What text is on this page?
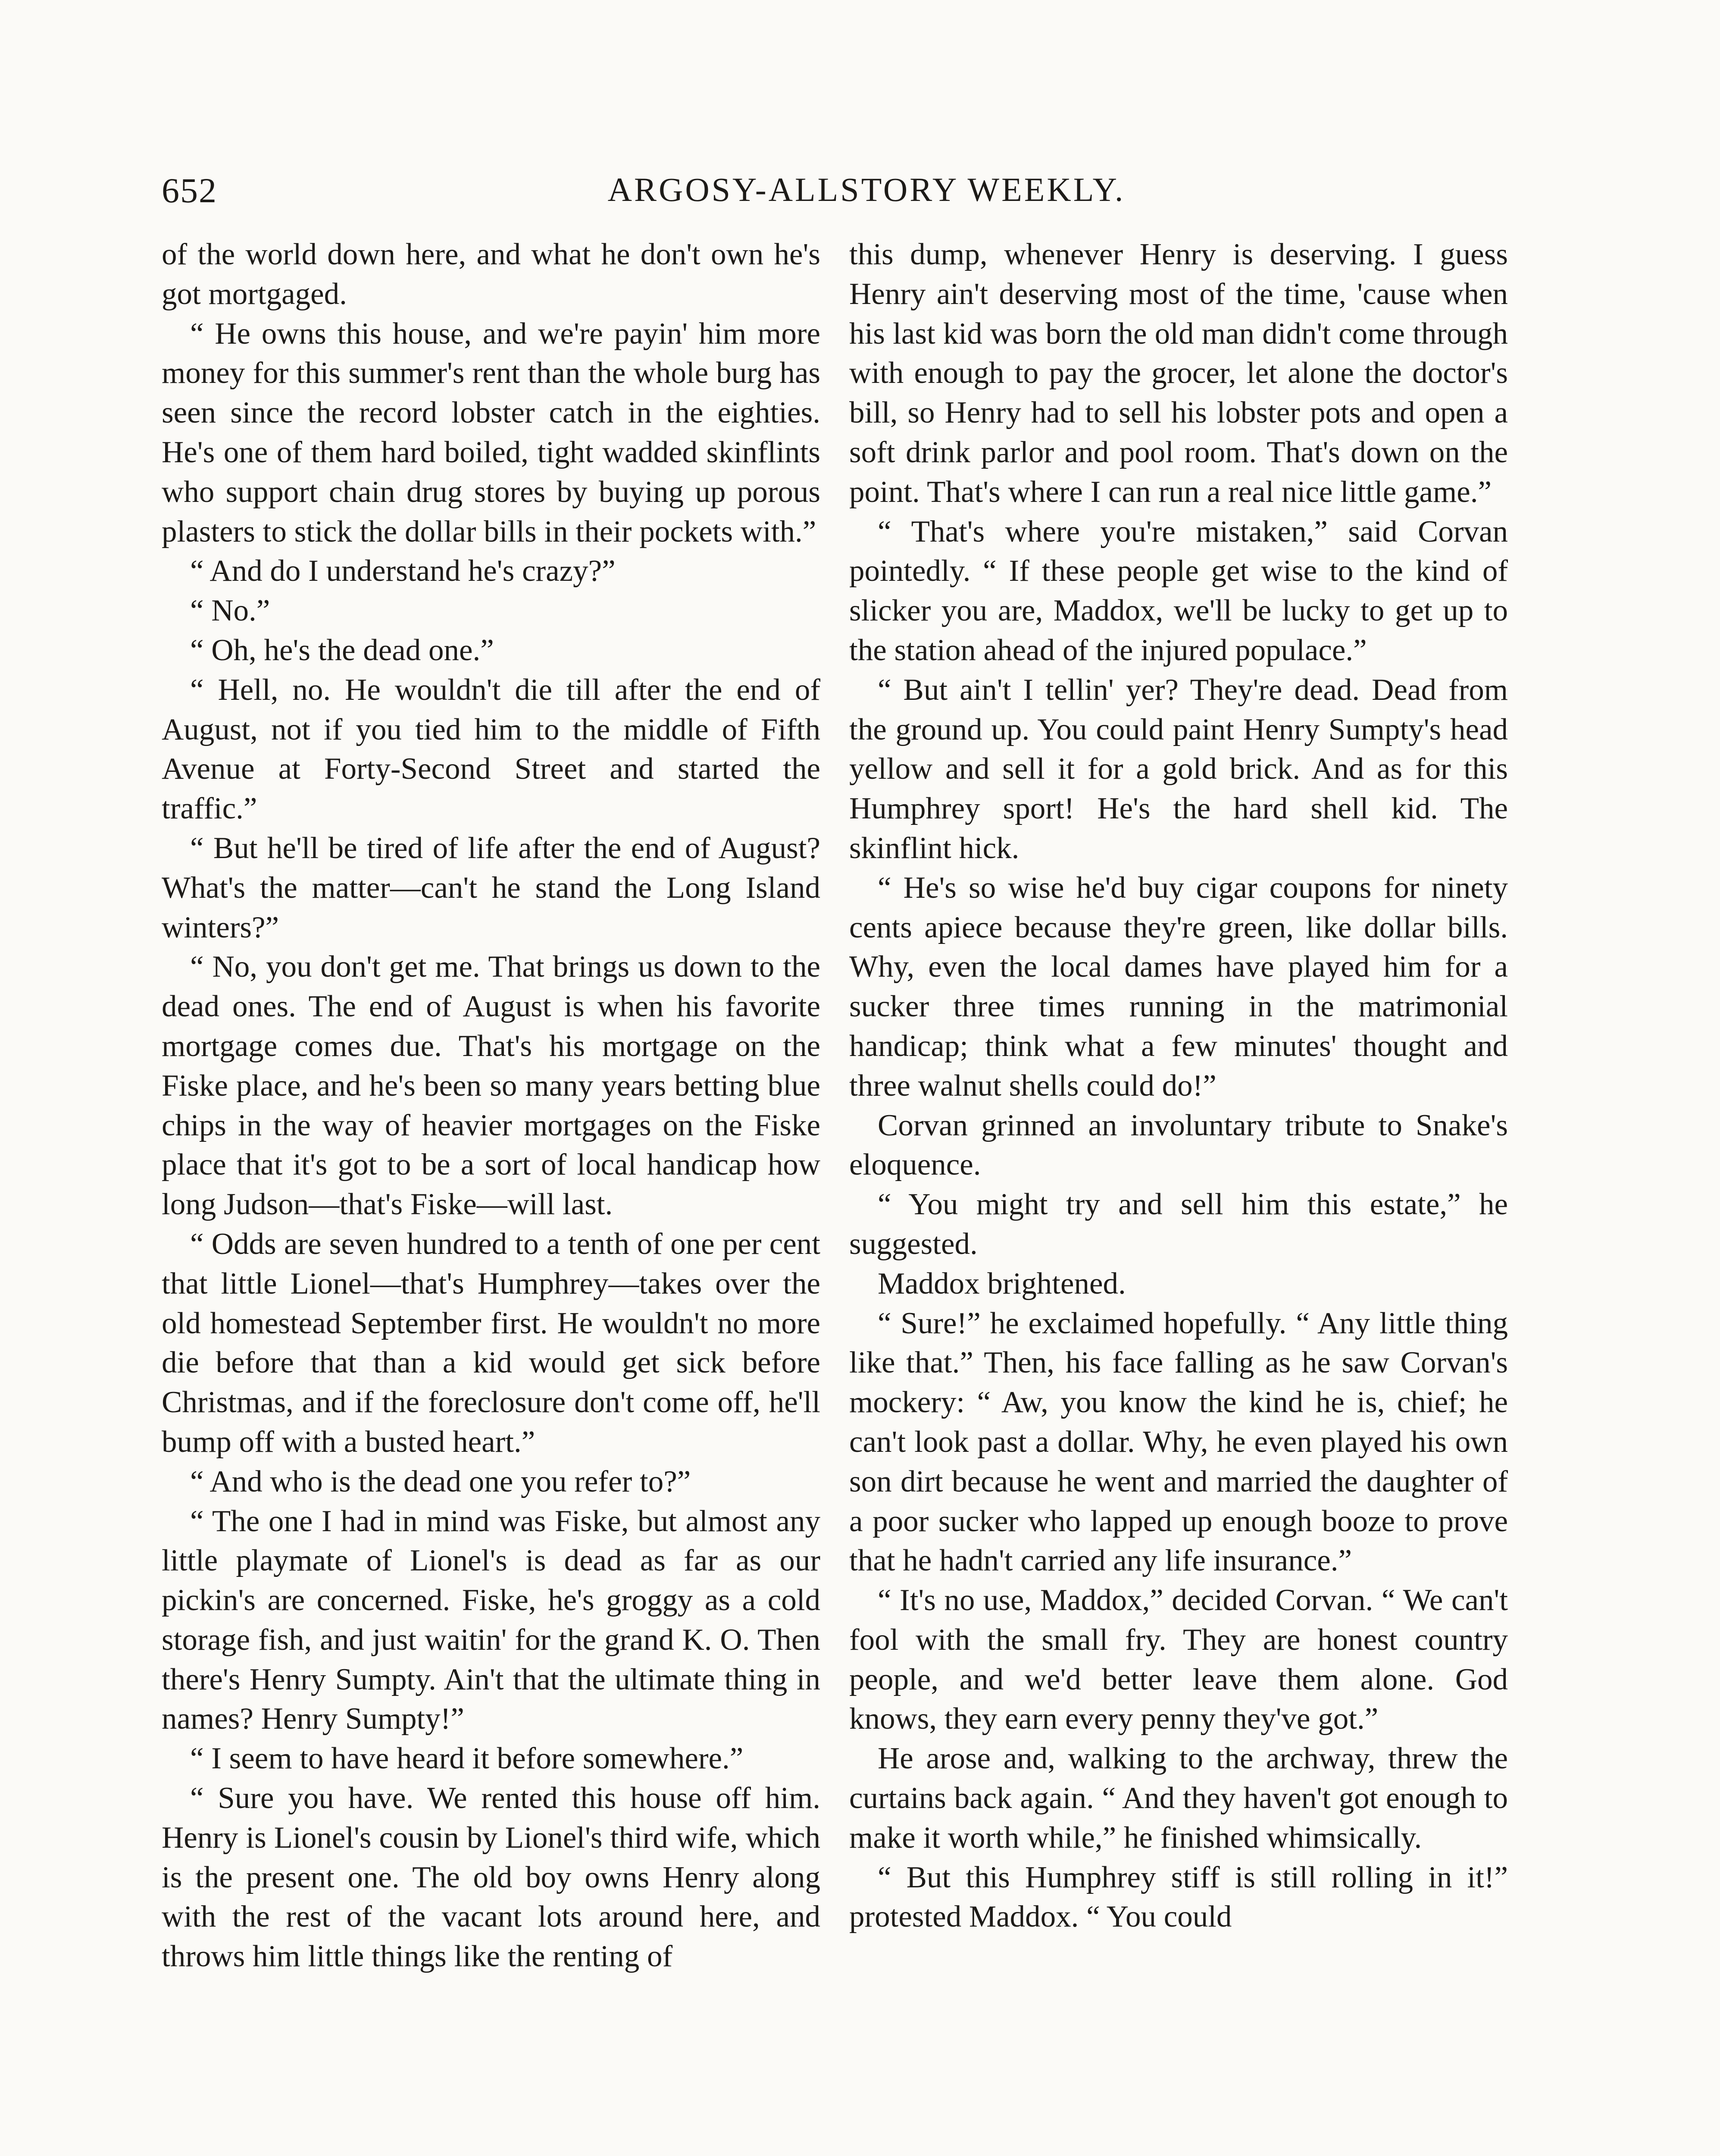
652	ARGOSY-ALLSTORY WEEKLY.

of the world down here, and what he don't own he's got mortgaged.

“ He owns this house, and we're payin' him more money for this summer's rent than the whole burg has seen since the record lobster catch in the eighties. He's one of them hard boiled, tight wadded skinflints who support chain drug stores by buying up porous plasters to stick the dollar bills in their pockets with.”

“ And do I understand he's crazy?”

“ No.”

“ Oh, he's the dead one.”

“ Hell, no. He wouldn't die till after the end of August, not if you tied him to the middle of Fifth Avenue at Forty-Second Street and started the traffic.”

“ But he'll be tired of life after the end of August? What's the matter—can't he stand the Long Island winters?”

“ No, you don't get me. That brings us down to the dead ones. The end of August is when his favorite mortgage comes due. That's his mortgage on the Fiske place, and he's been so many years betting blue chips in the way of heavier mortgages on the Fiske place that it's got to be a sort of local handicap how long Judson—that's Fiske—will last.

“ Odds are seven hundred to a tenth of one per cent that little Lionel—that's Humphrey—takes over the old homestead September first. He wouldn't no more die before that than a kid would get sick before Christmas, and if the foreclosure don't come off, he'll bump off with a busted heart.”

“ And who is the dead one you refer to?”

“ The one I had in mind was Fiske, but almost any little playmate of Lionel's is dead as far as our pickin's are concerned. Fiske, he's groggy as a cold storage fish, and just waitin' for the grand K. O. Then there's Henry Sumpty. Ain't that the ultimate thing in names? Henry Sumpty!”

“ I seem to have heard it before somewhere.”

“ Sure you have. We rented this house off him. Henry is Lionel's cousin by Lionel's third wife, which is the present one. The old boy owns Henry along with the rest of the vacant lots around here, and throws him little things like the renting of

this dump, whenever Henry is deserving. I guess Henry ain't deserving most of the time, 'cause when his last kid was born the old man didn't come through with enough to pay the grocer, let alone the doctor's bill, so Henry had to sell his lobster pots and open a soft drink parlor and pool room. That's down on the point. That's where I can run a real nice little game.”

“ That's where you're mistaken,” said Corvan pointedly. “ If these people get wise to the kind of slicker you are, Maddox, we'll be lucky to get up to the station ahead of the injured populace.”

“ But ain't I tellin' yer? They're dead. Dead from the ground up. You could paint Henry Sumpty's head yellow and sell it for a gold brick. And as for this Humphrey sport! He's the hard shell kid. The skinflint hick.

“ He's so wise he'd buy cigar coupons for ninety cents apiece because they're green, like dollar bills. Why, even the local dames have played him for a sucker three times running in the matrimonial handicap; think what a few minutes' thought and three walnut shells could do!”

Corvan grinned an involuntary tribute to Snake's eloquence.

“ You might try and sell him this estate,” he suggested.

Maddox brightened.

“ Sure!” he exclaimed hopefully. “ Any little thing like that.” Then, his face falling as he saw Corvan's mockery: “ Aw, you know the kind he is, chief; he can't look past a dollar. Why, he even played his own son dirt because he went and married the daughter of a poor sucker who lapped up enough booze to prove that he hadn't carried any life insurance.”

“ It's no use, Maddox,” decided Corvan. “ We can't fool with the small fry. They are honest country people, and we'd better leave them alone. God knows, they earn every penny they've got.”

He arose and, walking to the archway, threw the curtains back again. “ And they haven't got enough to make it worth while,” he finished whimsically.

“ But this Humphrey stiff is still rolling in it!” protested Maddox. “ You could
